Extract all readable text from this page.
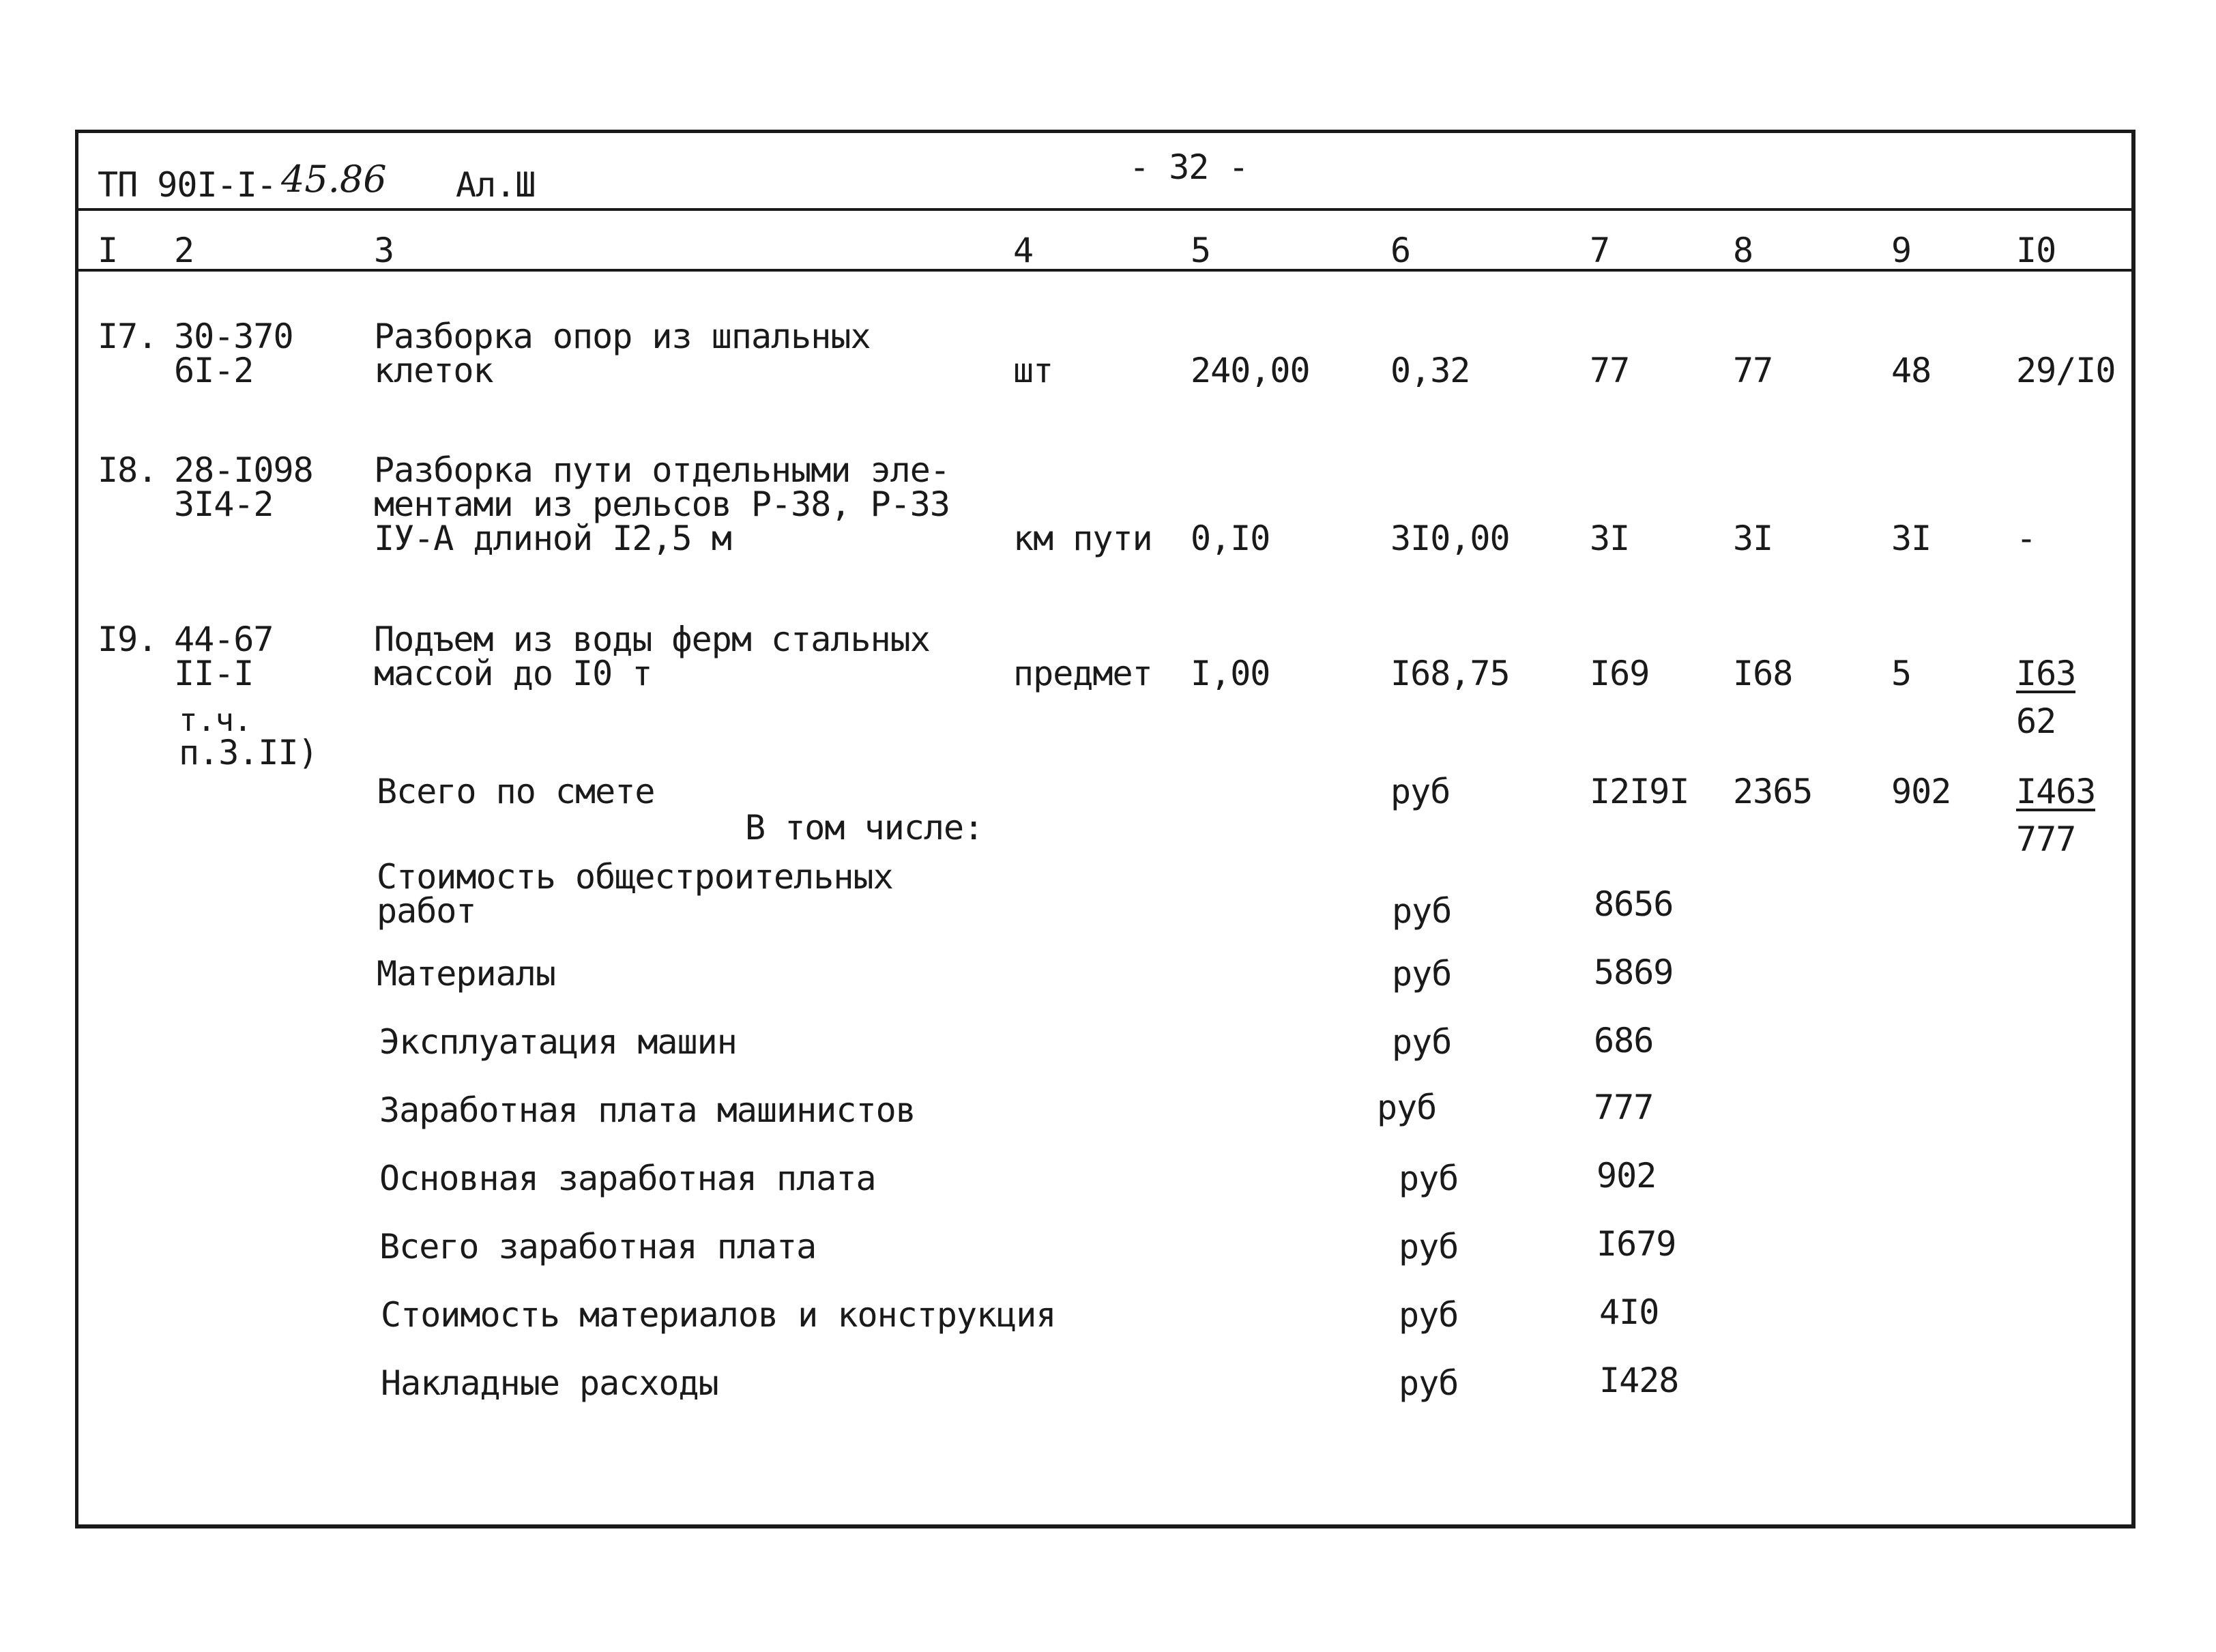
ТП 90I-I- 45.86 Ал.Ш	- 32 -
I 2	3	4	5	6	7	8	9	I0
I7. 30-370
6I-2
Разборка опор из шпальных
клеток	шт	240,00 0,32	77	77	48 29/I0
I8. 28-I098
3I4-2
Разборка пути отдельными эле-
ментами из рельсов Р-38, Р-33
IУ-А длиной I2,5 м	км пути 0,I0	3I0,00 3I	3I	3I -
I9. 44-67
II-I
т.ч.
п.3.II)
Подъем из воды ферм стальных
массой до I0 т	предмет I,00	I68,75 I69 I68	5	I63
62
Всего по смете	руб	I2I9I 2365 902 I463
777
В том числе:
Стоимость общестроительных
работ	руб	8656
Материалы	руб	5869
Эксплуатация машин	руб	686
Заработная плата машинистов	руб	777
Основная заработная плата	руб	902
Всего заработная плата	руб	I679
Стоимость материалов и конструкция	руб	4I0
Накладные расходы	руб	I428
